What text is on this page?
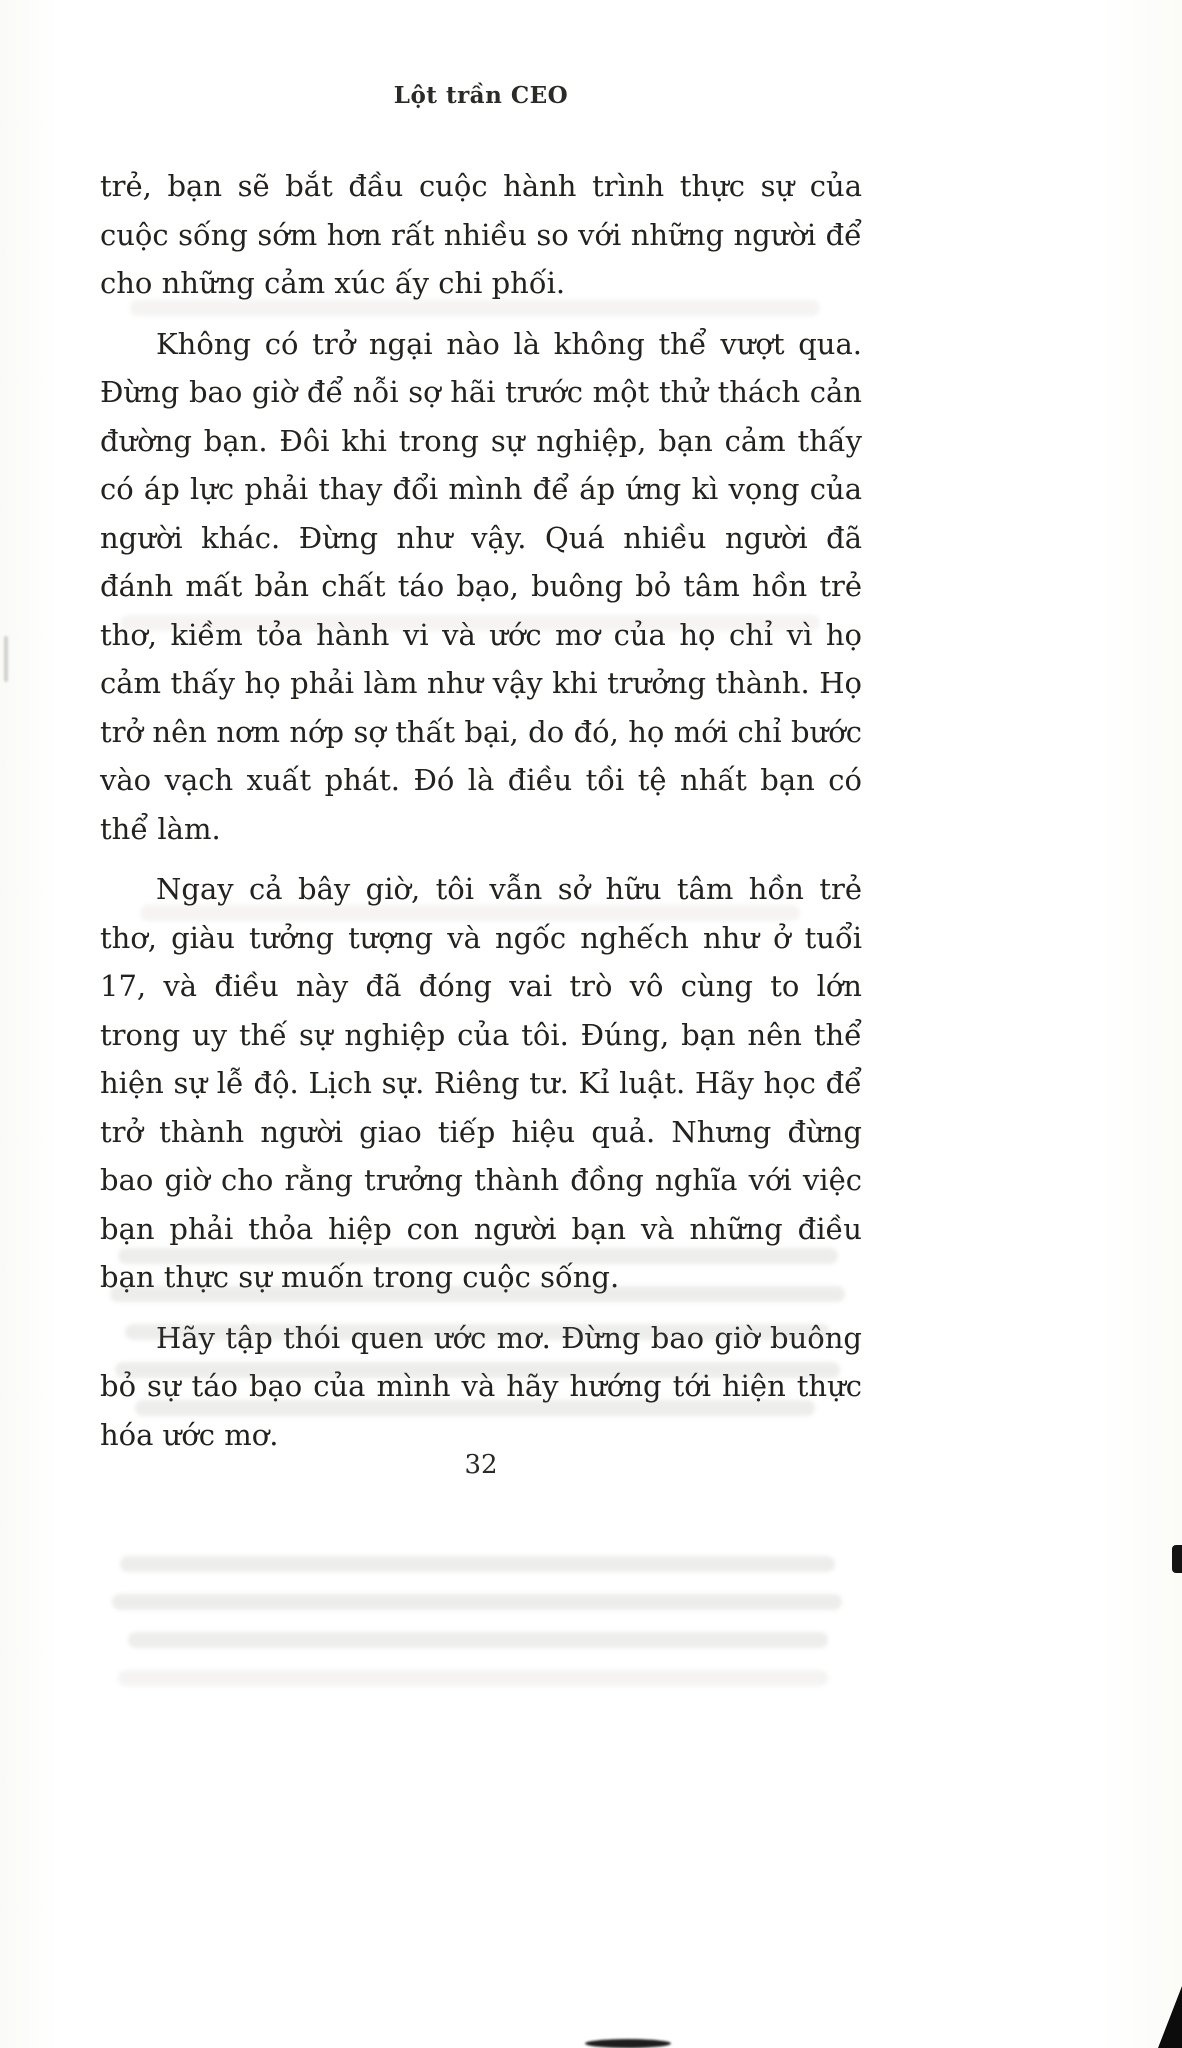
Lột trần CEO

trẻ, bạn sẽ bắt đầu cuộc hành trình thực sự của cuộc sống sớm hơn rất nhiều so với những người để cho những cảm xúc ấy chi phối.

Không có trở ngại nào là không thể vượt qua. Đừng bao giờ để nỗi sợ hãi trước một thử thách cản đường bạn. Đôi khi trong sự nghiệp, bạn cảm thấy có áp lực phải thay đổi mình để áp ứng kì vọng của người khác. Đừng như vậy. Quá nhiều người đã đánh mất bản chất táo bạo, buông bỏ tâm hồn trẻ thơ, kiềm tỏa hành vi và ước mơ của họ chỉ vì họ cảm thấy họ phải làm như vậy khi trưởng thành. Họ trở nên nơm nớp sợ thất bại, do đó, họ mới chỉ bước vào vạch xuất phát. Đó là điều tồi tệ nhất bạn có thể làm.

Ngay cả bây giờ, tôi vẫn sở hữu tâm hồn trẻ thơ, giàu tưởng tượng và ngốc nghếch như ở tuổi 17, và điều này đã đóng vai trò vô cùng to lớn trong uy thế sự nghiệp của tôi. Đúng, bạn nên thể hiện sự lễ độ. Lịch sự. Riêng tư. Kỉ luật. Hãy học để trở thành người giao tiếp hiệu quả. Nhưng đừng bao giờ cho rằng trưởng thành đồng nghĩa với việc bạn phải thỏa hiệp con người bạn và những điều bạn thực sự muốn trong cuộc sống.

Hãy tập thói quen ước mơ. Đừng bao giờ buông bỏ sự táo bạo của mình và hãy hướng tới hiện thực hóa ước mơ.

32
